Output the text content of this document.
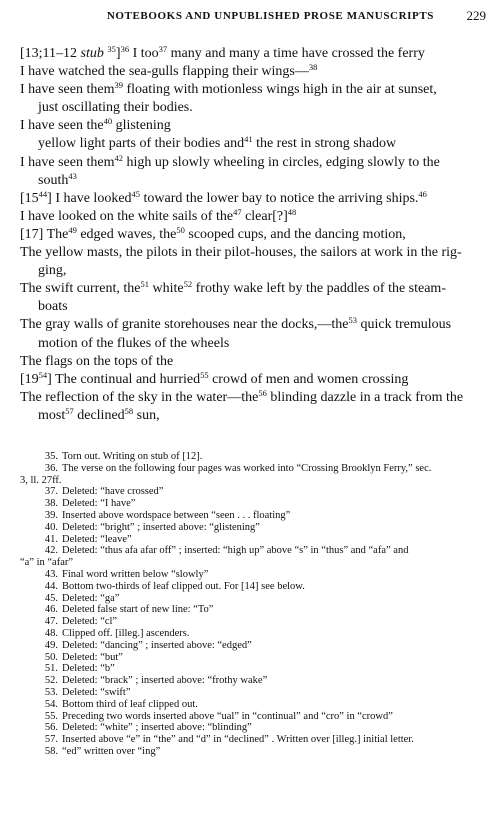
NOTEBOOKS AND UNPUBLISHED PROSE MANUSCRIPTS	229
[13;11–12 stub $^{35}$]$^{36}$ I too$^{37}$ many and many a time have crossed the ferry
I have watched the sea-gulls flapping their wings—$^{38}$
I have seen them$^{39}$ floating with motionless wings high in the air at sunset,
just oscillating their bodies.
I have seen the$^{40}$ glistening
yellow light parts of their bodies and$^{41}$ the rest in strong shadow
I have seen them$^{42}$ high up slowly wheeling in circles, edging slowly to the
south$^{43}$
$[15^{44}]$ I have looked$^{45}$ toward the lower bay to notice the arriving ships.$^{46}$
I have looked on the white sails of the$^{47}$ clear[?]$^{48}$
[17] The$^{49}$ edged waves, the$^{50}$ scooped cups, and the dancing motion,
The yellow masts, the pilots in their pilot-houses, the sailors at work in the rig-
ging,
The swift current, the$^{51}$ white$^{52}$ frothy wake left by the paddles of the steam-
boats
The gray walls of granite storehouses near the docks,—the$^{53}$ quick tremulous
motion of the flukes of the wheels
The flags on the tops of the
$[19^{54}]$ The continual and hurried$^{55}$ crowd of men and women crossing
The reflection of the sky in the water—the$^{56}$ blinding dazzle in a track from the
most$^{57}$ declined$^{58}$ sun,
35. Torn out. Writing on stub of [12].
36. The verse on the following four pages was worked into “Crossing Brooklyn Ferry,” sec.
3, ll. 27ff.
37. Deleted: “have crossed”
38. Deleted: “I have”
39. Inserted above wordspace between “seen . . . floating”
40. Deleted: “bright” ; inserted above: “glistening”
41. Deleted: “leave”
42. Deleted: “thus afa afar off” ; inserted: “high up” above “s” in “thus” and “afa” and
“a” in “afar”
43. Final word written below “slowly”
44. Bottom two-thirds of leaf clipped out. For [14] see below.
45. Deleted: “ga”
46. Deleted false start of new line: “To”
47. Deleted: “cl”
48. Clipped off. [illeg.] ascenders.
49. Deleted: “dancing” ; inserted above: “edged”
50. Deleted: “but”
51. Deleted: “b”
52. Deleted: “brack” ; inserted above: “frothy wake”
53. Deleted: “swift”
54. Bottom third of leaf clipped out.
55. Preceding two words inserted above “ual” in “continual” and “cro” in “crowd”
56. Deleted: “white” ; inserted above: “blinding”
57. Inserted above “e” in “the” and “d” in “declined” . Written over [illeg.] initial letter.
58. “ed” written over “ing”
